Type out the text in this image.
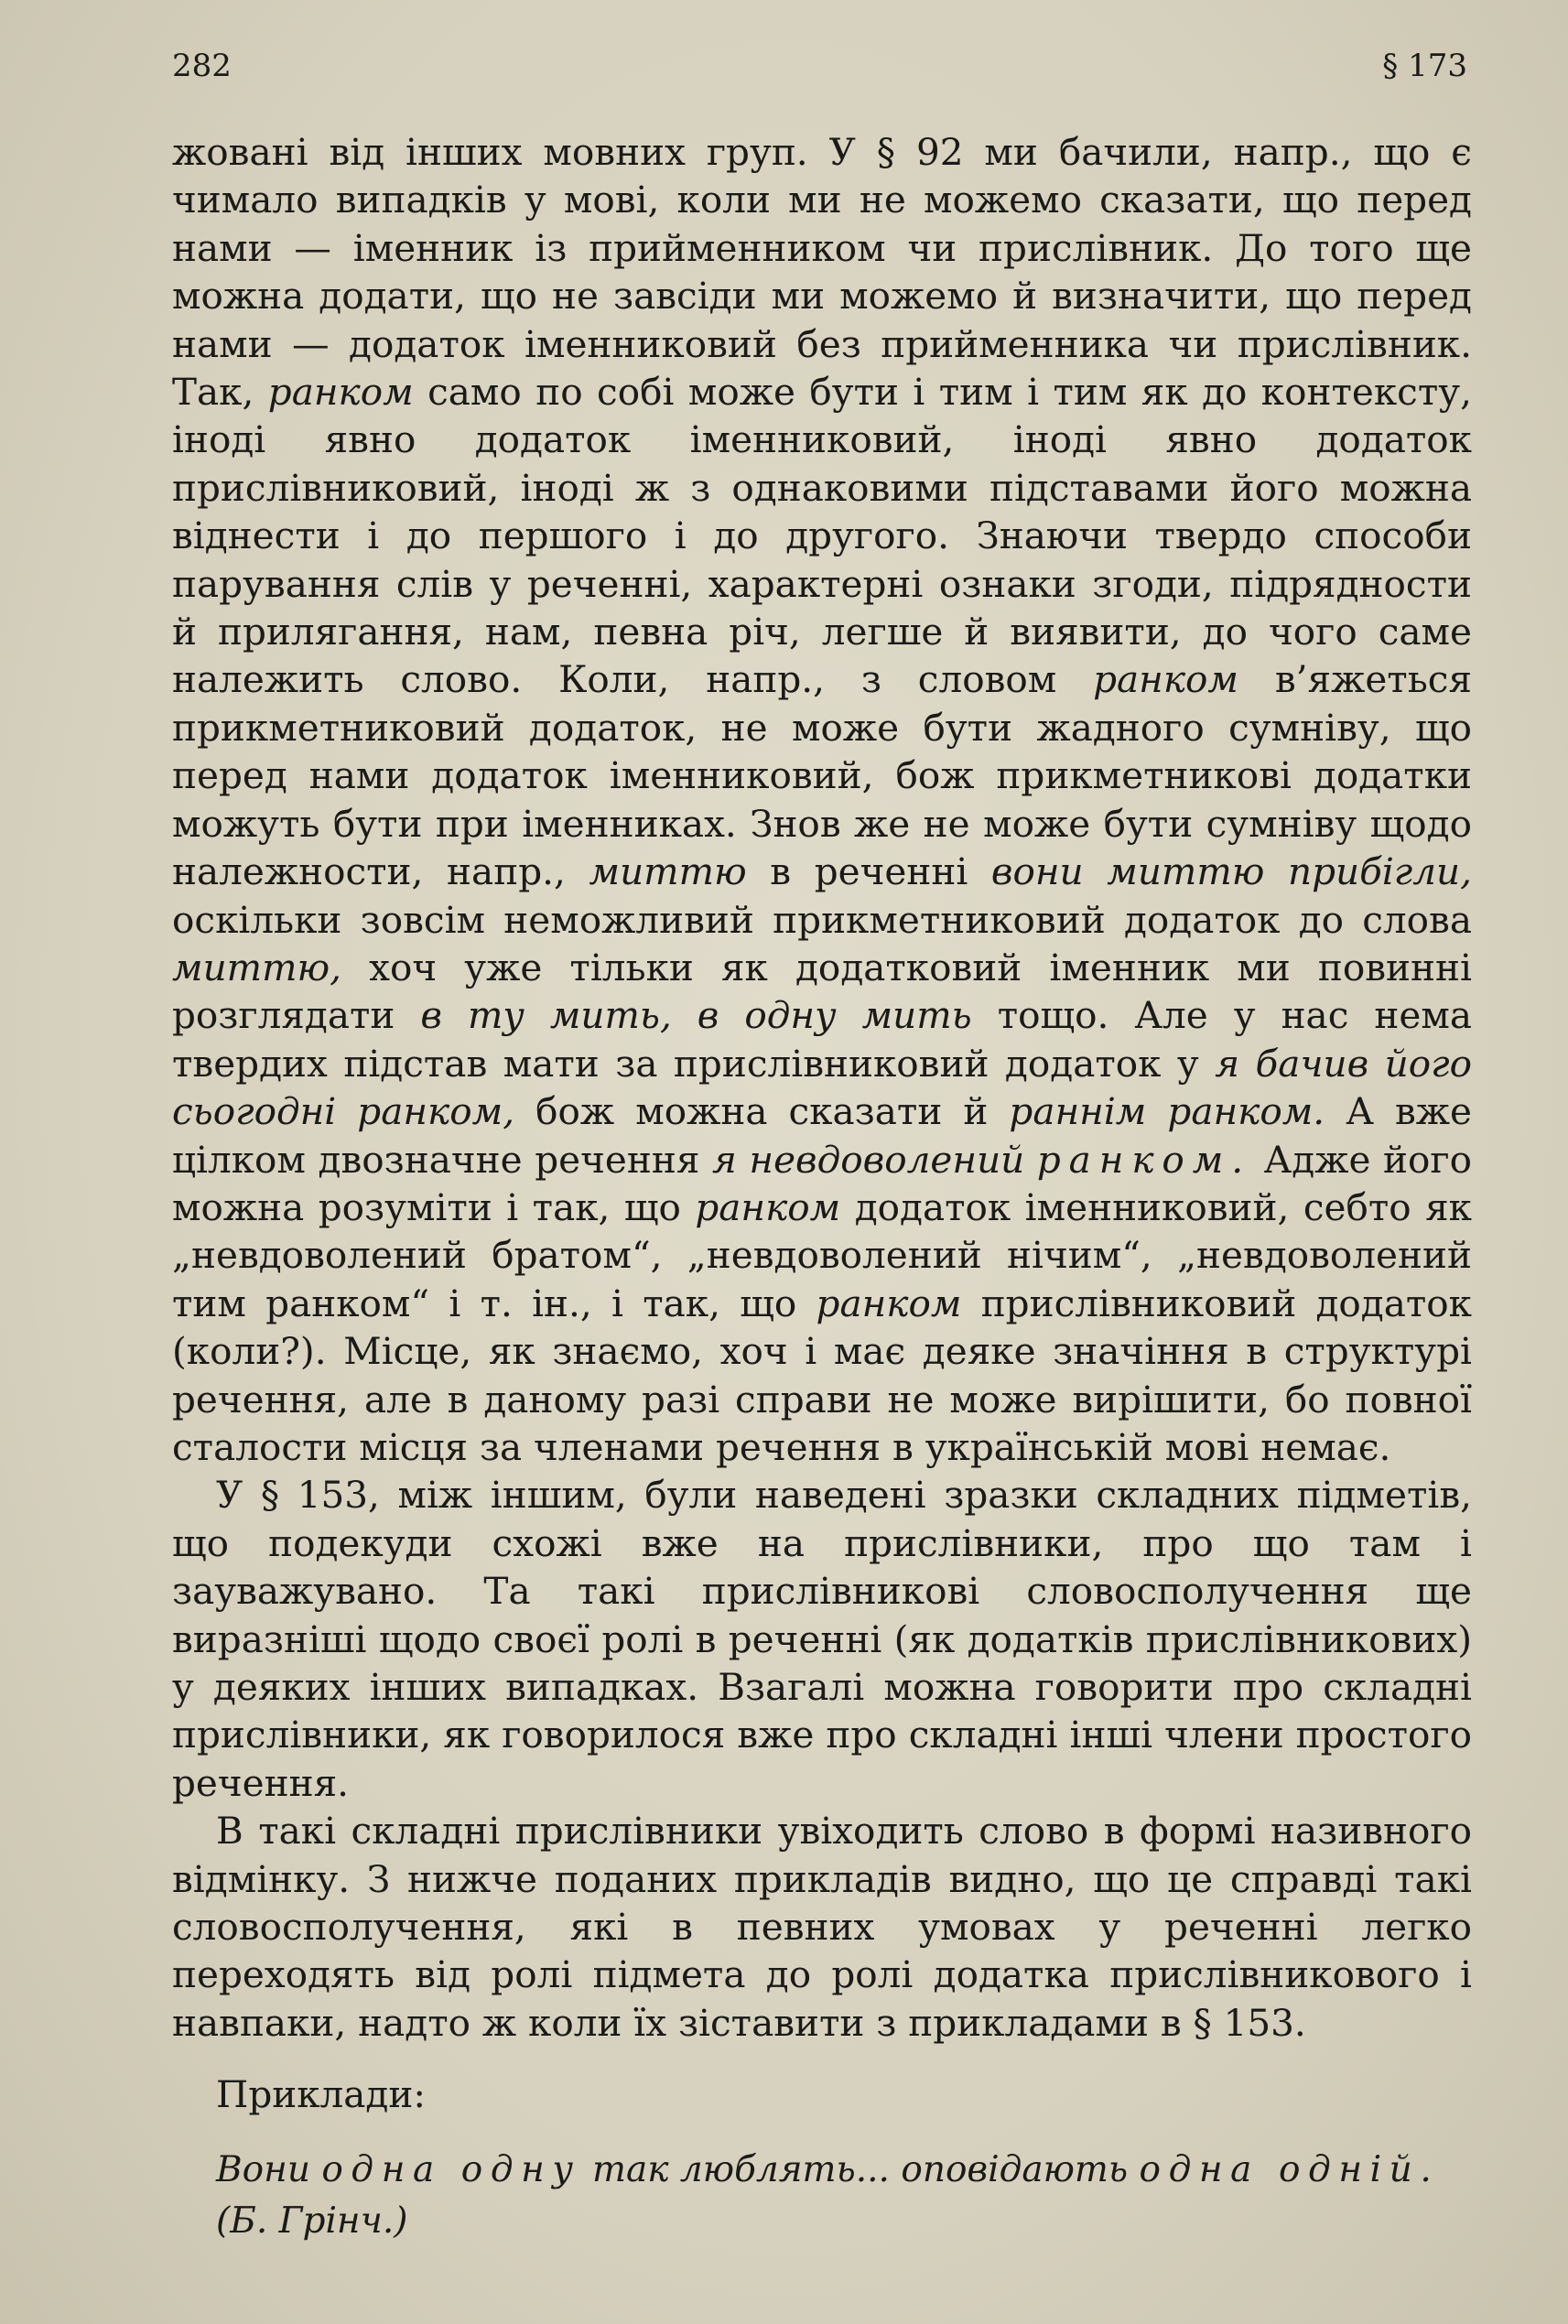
282	§ 173

жовані від інших мовних груп. У § 92 ми бачили, напр., що є чимало випадків у мові, коли ми не можемо сказати, що перед нами — іменник із прийменником чи прислівник. До того ще можна додати, що не завсіди ми можемо й визначити, що перед нами — додаток іменниковий без прийменника чи прислівник. Так, ранком само по собі може бути і тим і тим як до контексту, іноді явно додаток іменниковий, іноді явно додаток прислівниковий, іноді ж з однаковими підставами його можна віднести і до першого і до другого. Знаючи твердо способи парування слів у реченні, характерні ознаки згоди, підрядности й прилягання, нам, певна річ, легше й виявити, до чого саме належить слово. Коли, напр., з словом ранком в’яжеться прикметниковий додаток, не може бути жадного сумніву, що перед нами додаток іменниковий, бож прикметникові додатки можуть бути при іменниках. Знов же не може бути сумніву щодо належности, напр., миттю в реченні вони миттю прибігли, оскільки зовсім неможливий прикметниковий додаток до слова миттю, хоч уже тільки як додатковий іменник ми повинні розглядати в ту мить, в одну мить тощо. Але у нас нема твердих підстав мати за прислівниковий додаток у я бачив його сьогодні ранком, бож можна сказати й раннім ранком. А вже цілком двозначне речення я невдоволений ранком. Адже його можна розуміти і так, що ранком додаток іменниковий, себто як „невдоволений братом“, „невдоволений нічим“, „невдоволений тим ранком“ і т. ін., і так, що ранком прислівниковий додаток (коли?). Місце, як знаємо, хоч і має деяке значіння в структурі речення, але в даному разі справи не може вирішити, бо повної сталости місця за членами речення в українській мові немає.

У § 153, між іншим, були наведені зразки складних підметів, що подекуди схожі вже на прислівники, про що там і зауважувано. Та такі прислівникові словосполучення ще виразніші щодо своєї ролі в реченні (як додатків прислівникових) у деяких інших випадках. Взагалі можна говорити про складні прислівники, як говорилося вже про складні інші члени простого речення.

В такі складні прислівники увіходить слово в формі називного відмінку. З нижче поданих прикладів видно, що це справді такі словосполучення, які в певних умовах у реченні легко переходять від ролі підмета до ролі додатка прислівникового і навпаки, надто ж коли їх зіставити з прикладами в § 153.

Приклади:

Вони одна одну так люблять... оповідають одна одній. (Б. Грінч.)
